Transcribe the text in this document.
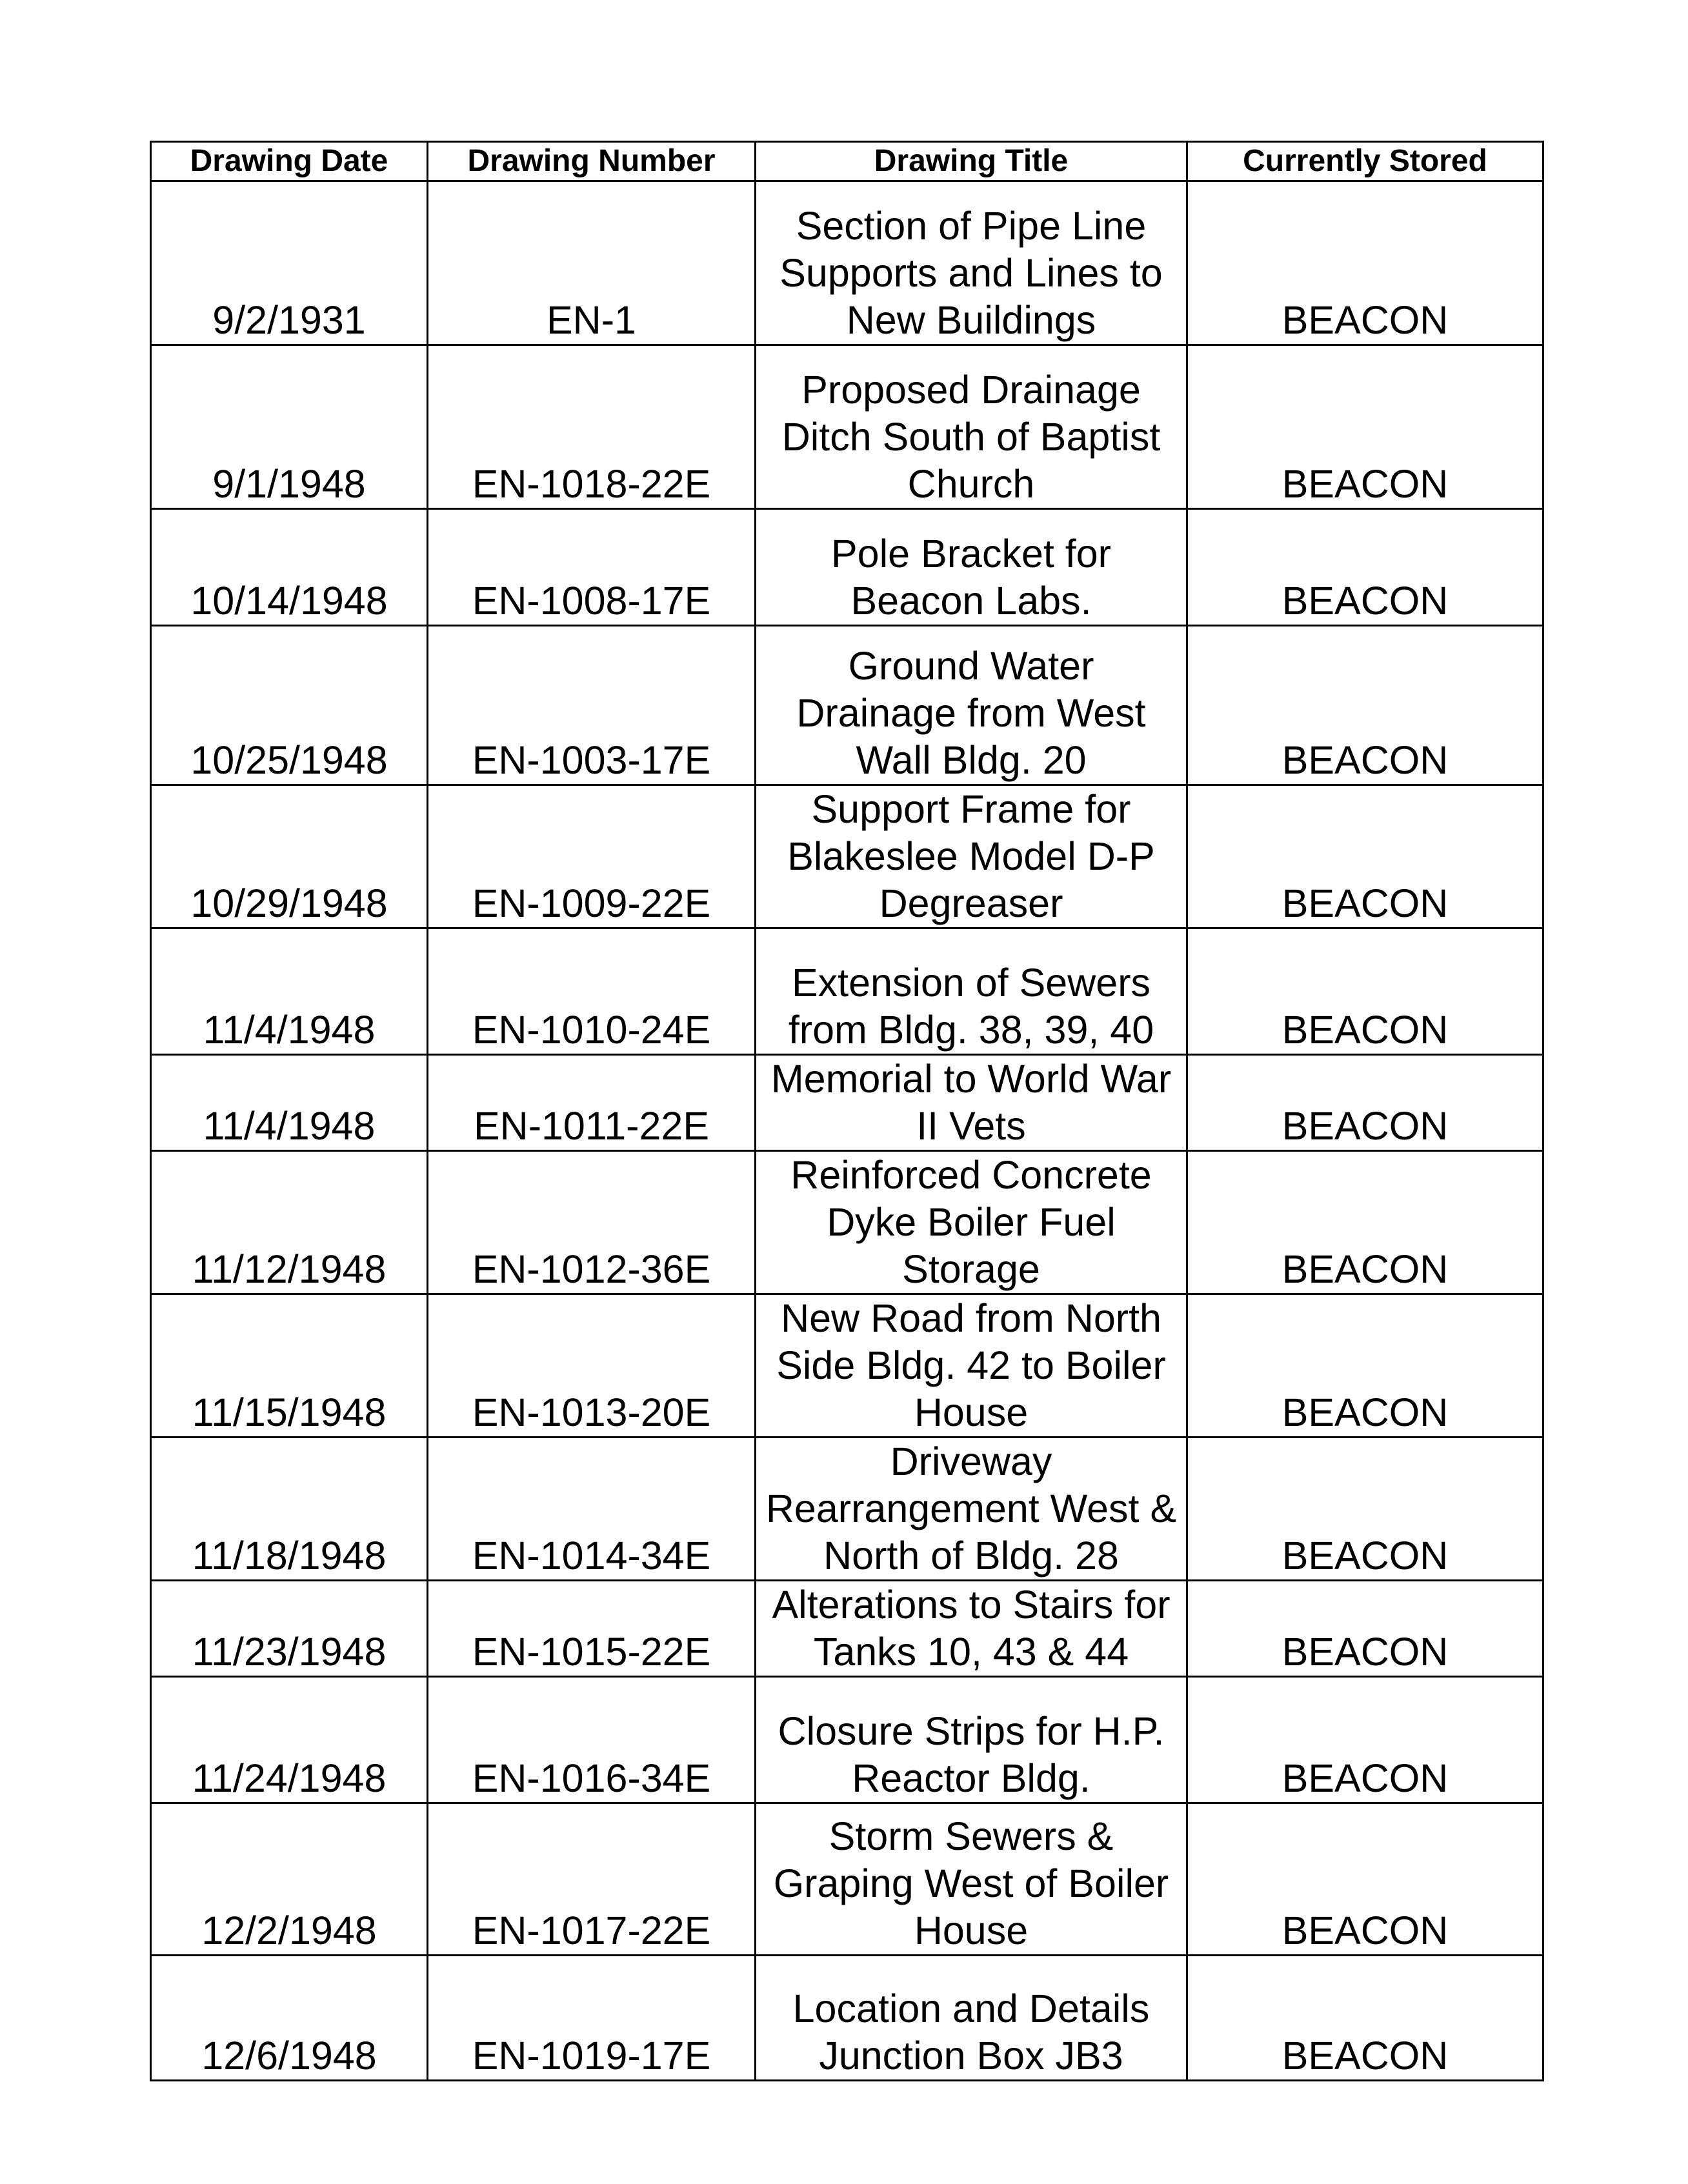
Drawing Date	Drawing Number	Drawing Title	Currently Stored
9/2/1931	EN-1	Section of Pipe Line
Supports and Lines to
New Buildings	BEACON
9/1/1948	EN-1018-22E	Proposed Drainage
Ditch South of Baptist
Church	BEACON
10/14/1948	EN-1008-17E	Pole Bracket for
Beacon Labs.	BEACON
10/25/1948	EN-1003-17E	Ground Water
Drainage from West
Wall Bldg. 20	BEACON
10/29/1948	EN-1009-22E	Support Frame for
Blakeslee Model D-P
Degreaser	BEACON
11/4/1948	EN-1010-24E	Extension of Sewers
from Bldg. 38, 39, 40	BEACON
11/4/1948	EN-1011-22E	Memorial to World War
II Vets	BEACON
11/12/1948	EN-1012-36E	Reinforced Concrete
Dyke Boiler Fuel
Storage	BEACON
11/15/1948	EN-1013-20E	New Road from North
Side Bldg. 42 to Boiler
House	BEACON
11/18/1948	EN-1014-34E	Driveway
Rearrangement West &
North of Bldg. 28	BEACON
11/23/1948	EN-1015-22E	Alterations to Stairs for
Tanks 10, 43 & 44	BEACON
11/24/1948	EN-1016-34E	Closure Strips for H.P.
Reactor Bldg.	BEACON
12/2/1948	EN-1017-22E	Storm Sewers &
Graping West of Boiler
House	BEACON
12/6/1948	EN-1019-17E	Location and Details
Junction Box JB3	BEACON
